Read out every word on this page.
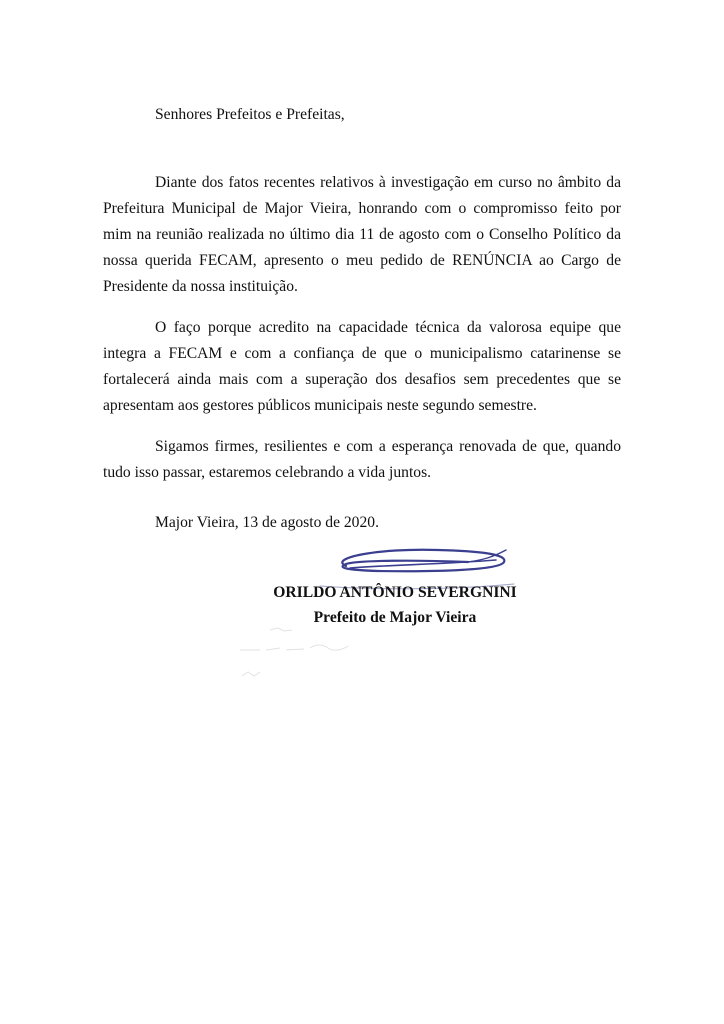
Senhores Prefeitos e Prefeitas,

Diante dos fatos recentes relativos à investigação em curso no âmbito da Prefeitura Municipal de Major Vieira, honrando com o compromisso feito por mim na reunião realizada no último dia 11 de agosto com o Conselho Político da nossa querida FECAM, apresento o meu pedido de RENÚNCIA ao Cargo de Presidente da nossa instituição.

O faço porque acredito na capacidade técnica da valorosa equipe que integra a FECAM e com a confiança de que o municipalismo catarinense se fortalecerá ainda mais com a superação dos desafios sem precedentes que se apresentam aos gestores públicos municipais neste segundo semestre.

Sigamos firmes, resilientes e com a esperança renovada de que, quando tudo isso passar, estaremos celebrando a vida juntos.

Major Vieira, 13 de agosto de 2020.
ORILDO ANTÔNIO SEVERGNINI
Prefeito de Major Vieira
